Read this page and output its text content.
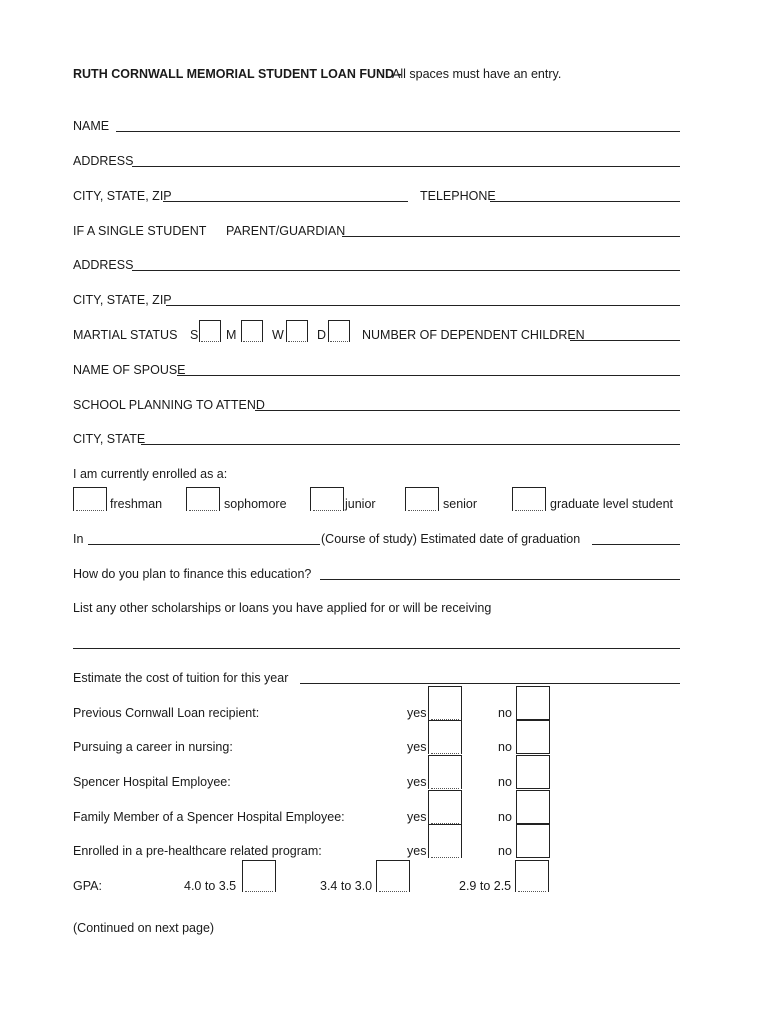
RUTH CORNWALL MEMORIAL STUDENT LOAN FUND -
All spaces must have an entry.
NAME
ADDRESS
CITY, STATE, ZIP	TELEPHONE
IF A SINGLE STUDENT PARENT/GUARDIAN
ADDRESS
CITY, STATE, ZIP
MARTIAL STATUS S M	W	D	NUMBER OF DEPENDENT CHILDREN
NAME OF SPOUSE
SCHOOL PLANNING TO ATTEND
CITY, STATE
I am currently enrolled as a:
freshman	sophomore	junior	senior	graduate level student
In	(Course of study) Estimated date of graduation
How do you plan to finance this education?
List any other scholarships or loans you have applied for or will be receiving
Estimate the cost of tuition for this year
Previous Cornwall Loan recipient:	yes	no
Pursuing a career in nursing:	yes	no
Spencer Hospital Employee:	yes	no
Family Member of a Spencer Hospital Employee:	yes	no
Enrolled in a pre-healthcare related program:	yes	no
GPA:	4.0 to 3.5	3.4 to 3.0	2.9 to 2.5
(Continued on next page)
